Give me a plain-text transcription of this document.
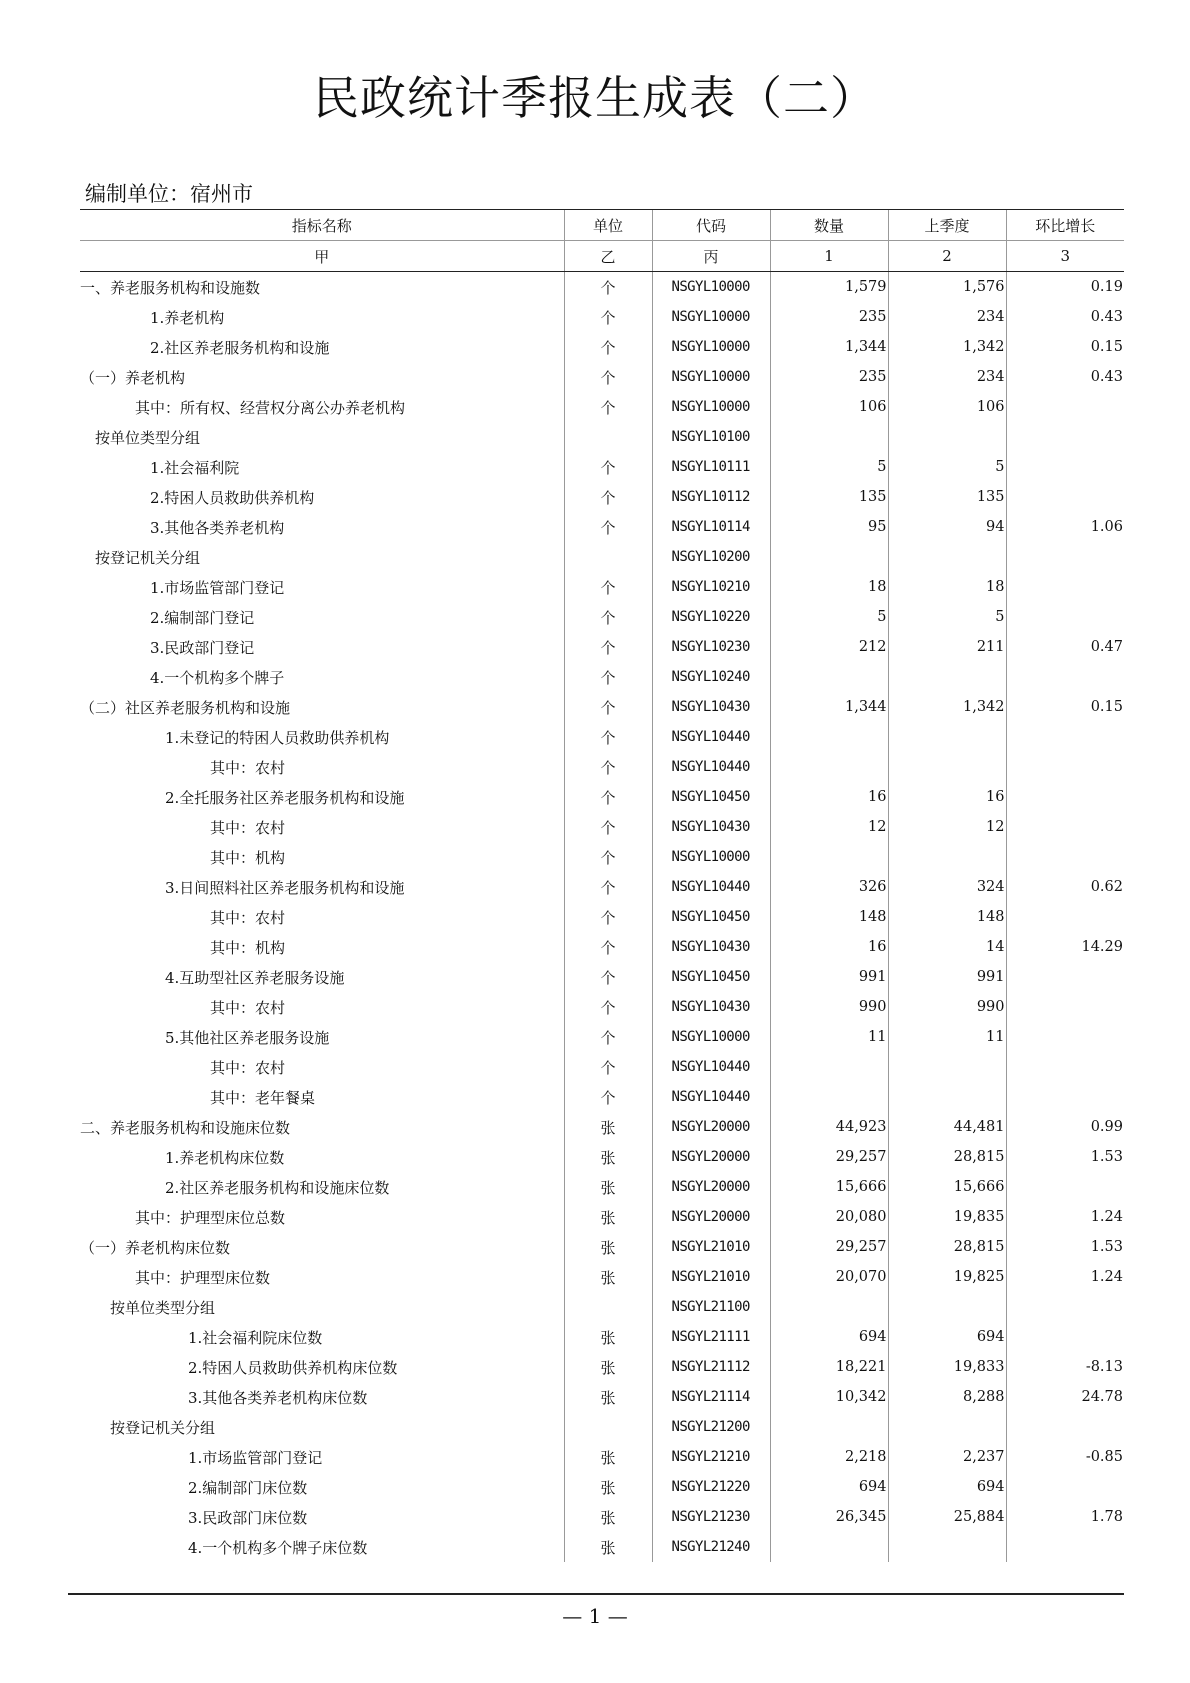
民政统计季报生成表（二）
编制单位：宿州市
指标名称	单位	代码	数量	上季度	环比增长
甲	乙	丙	1	2	3
一、养老服务机构和设施数	个	NSGYL10000	1,579	1,576	0.19
1.养老机构	个	NSGYL10000	235	234	0.43
2.社区养老服务机构和设施	个	NSGYL10000	1,344	1,342	0.15
（一）养老机构	个	NSGYL10000	235	234	0.43
其中：所有权、经营权分离公办养老机构	个	NSGYL10000	106	106	
按单位类型分组		NSGYL10100			
1.社会福利院	个	NSGYL10111	5	5	
2.特困人员救助供养机构	个	NSGYL10112	135	135	
3.其他各类养老机构	个	NSGYL10114	95	94	1.06
按登记机关分组		NSGYL10200			
1.市场监管部门登记	个	NSGYL10210	18	18	
2.编制部门登记	个	NSGYL10220	5	5	
3.民政部门登记	个	NSGYL10230	212	211	0.47
4.一个机构多个牌子	个	NSGYL10240			
（二）社区养老服务机构和设施	个	NSGYL10430	1,344	1,342	0.15
1.未登记的特困人员救助供养机构	个	NSGYL10440			
其中：农村	个	NSGYL10440			
2.全托服务社区养老服务机构和设施	个	NSGYL10450	16	16	
其中：农村	个	NSGYL10430	12	12	
其中：机构	个	NSGYL10000			
3.日间照料社区养老服务机构和设施	个	NSGYL10440	326	324	0.62
其中：农村	个	NSGYL10450	148	148	
其中：机构	个	NSGYL10430	16	14	14.29
4.互助型社区养老服务设施	个	NSGYL10450	991	991	
其中：农村	个	NSGYL10430	990	990	
5.其他社区养老服务设施	个	NSGYL10000	11	11	
其中：农村	个	NSGYL10440			
其中：老年餐桌	个	NSGYL10440			
二、养老服务机构和设施床位数	张	NSGYL20000	44,923	44,481	0.99
1.养老机构床位数	张	NSGYL20000	29,257	28,815	1.53
2.社区养老服务机构和设施床位数	张	NSGYL20000	15,666	15,666	
其中：护理型床位总数	张	NSGYL20000	20,080	19,835	1.24
（一）养老机构床位数	张	NSGYL21010	29,257	28,815	1.53
其中：护理型床位数	张	NSGYL21010	20,070	19,825	1.24
按单位类型分组		NSGYL21100			
1.社会福利院床位数	张	NSGYL21111	694	694	
2.特困人员救助供养机构床位数	张	NSGYL21112	18,221	19,833	-8.13
3.其他各类养老机构床位数	张	NSGYL21114	10,342	8,288	24.78
按登记机关分组		NSGYL21200			
1.市场监管部门登记	张	NSGYL21210	2,218	2,237	-0.85
2.编制部门床位数	张	NSGYL21220	694	694	
3.民政部门床位数	张	NSGYL21230	26,345	25,884	1.78
4.一个机构多个牌子床位数	张	NSGYL21240			
— 1 —
